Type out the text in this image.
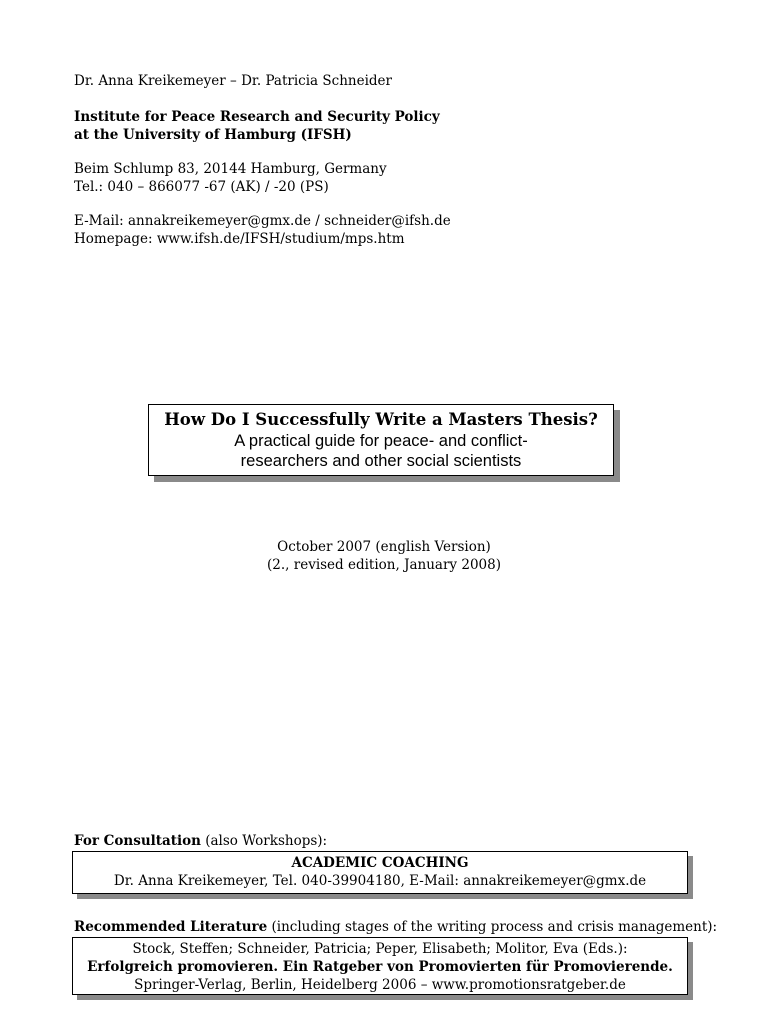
Dr. Anna Kreikemeyer – Dr. Patricia Schneider
Institute for Peace Research and Security Policy
at the University of Hamburg (IFSH)
Beim Schlump 83, 20144 Hamburg, Germany
Tel.: 040 – 866077 -67 (AK) / -20 (PS)
E-Mail: annakreikemeyer@gmx.de / schneider@ifsh.de
Homepage: www.ifsh.de/IFSH/studium/mps.htm
How Do I Successfully Write a Masters Thesis?
A practical guide for peace- and conflict-
researchers and other social scientists
October 2007 (english Version)
(2., revised edition, January 2008)
For Consultation (also Workshops):
ACADEMIC COACHING
Dr. Anna Kreikemeyer, Tel. 040-39904180, E-Mail: annakreikemeyer@gmx.de
Recommended Literature (including stages of the writing process and crisis management):
Stock, Steffen; Schneider, Patricia; Peper, Elisabeth; Molitor, Eva (Eds.):
Erfolgreich promovieren. Ein Ratgeber von Promovierten für Promovierende.
Springer-Verlag, Berlin, Heidelberg 2006 – www.promotionsratgeber.de
